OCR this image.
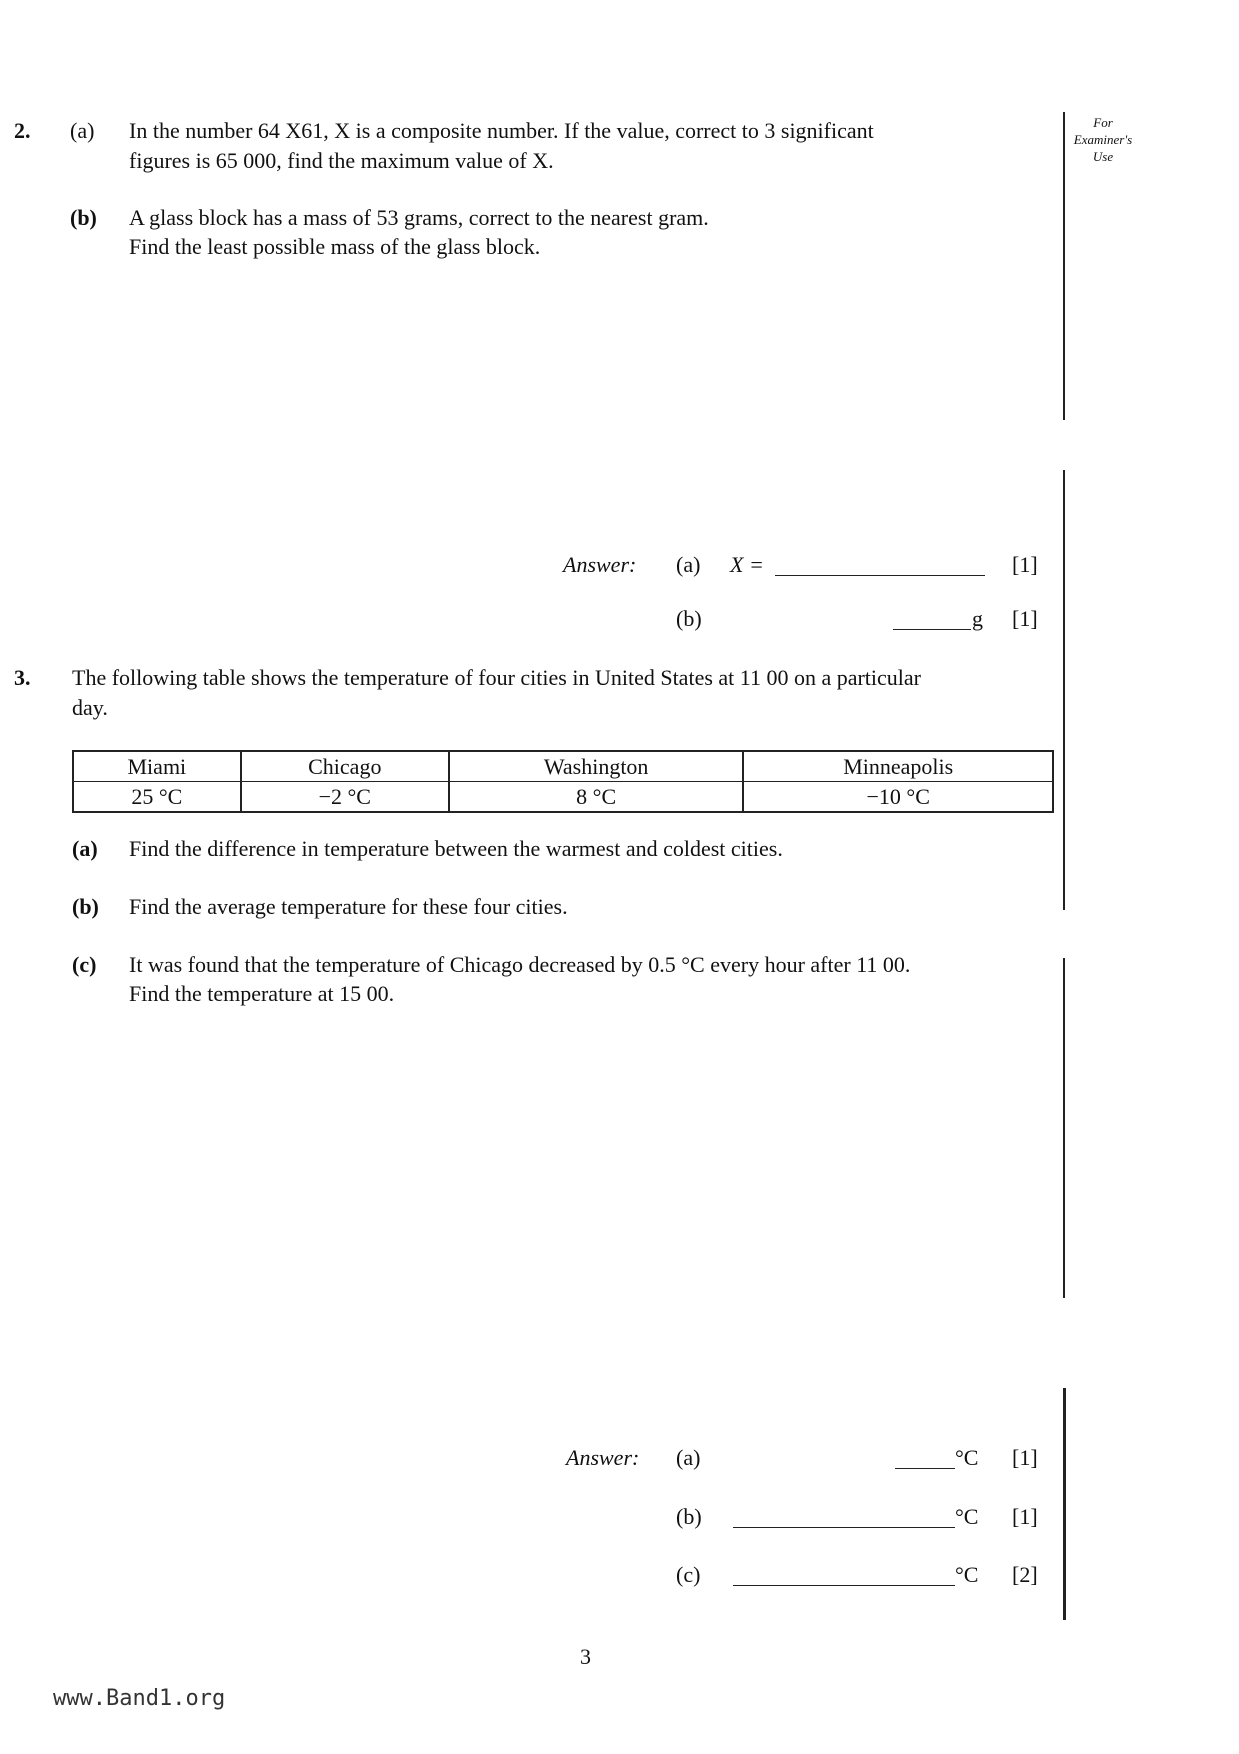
For
Examiner's
Use
2. (a) In the number 64 X61, X is a composite number. If the value, correct to 3 significant
figures is 65 000, find the maximum value of X.
(b) A glass block has a mass of 53 grams, correct to the nearest gram.
Find the least possible mass of the glass block.
Answer: (a) X =	[1]
(b)	g [1]
3. The following table shows the temperature of four cities in United States at 11 00 on a particular
day.
Miami	Chicago	Washington	Minneapolis
25 °C	−2 °C	8 °C	−10 °C
(a) Find the difference in temperature between the warmest and coldest cities.
(b) Find the average temperature for these four cities.
(c) It was found that the temperature of Chicago decreased by 0.5 °C every hour after 11 00.
Find the temperature at 15 00.
Answer: (a)	°C [1]
(b)	°C [1]
(c)	°C [2]
3
www.Band1.org
